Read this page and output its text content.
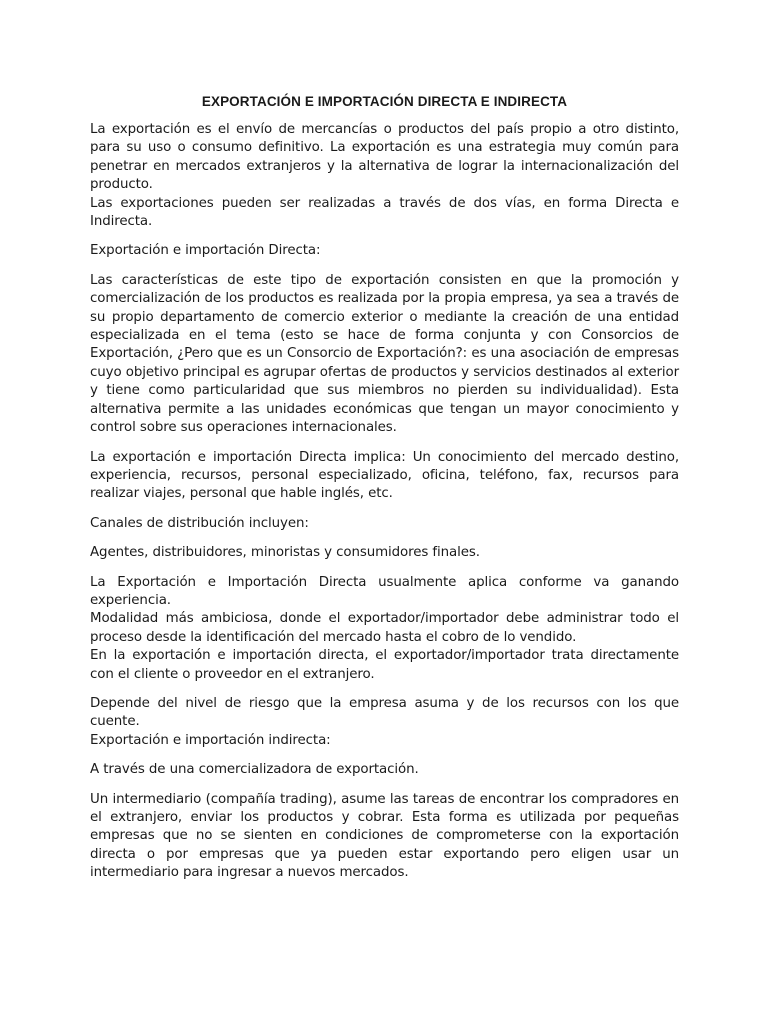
EXPORTACIÓN E IMPORTACIÓN DIRECTA E INDIRECTA

La exportación es el envío de mercancías o productos del país propio a otro distinto, para su uso o consumo definitivo. La exportación es una estrategia muy común para penetrar en mercados extranjeros y la alternativa de lograr la internacionalización del producto.
Las exportaciones pueden ser realizadas a través de dos vías, en forma Directa e Indirecta.

Exportación e importación Directa:

Las características de este tipo de exportación consisten en que la promoción y comercialización de los productos es realizada por la propia empresa, ya sea a través de su propio departamento de comercio exterior o mediante la creación de una entidad especializada en el tema (esto se hace de forma conjunta y con Consorcios de Exportación, ¿Pero que es un Consorcio de Exportación?: es una asociación de empresas cuyo objetivo principal es agrupar ofertas de productos y servicios destinados al exterior y tiene como particularidad que sus miembros no pierden su individualidad). Esta alternativa permite a las unidades económicas que tengan un mayor conocimiento y control sobre sus operaciones internacionales.

La exportación e importación Directa implica: Un conocimiento del mercado destino, experiencia, recursos, personal especializado, oficina, teléfono, fax, recursos para realizar viajes, personal que hable inglés, etc.

Canales de distribución incluyen:

Agentes, distribuidores, minoristas y consumidores finales.

La Exportación e Importación Directa usualmente aplica conforme va ganando experiencia.
Modalidad más ambiciosa, donde el exportador/importador debe administrar todo el proceso desde la identificación del mercado hasta el cobro de lo vendido.
En la exportación e importación directa, el exportador/importador trata directamente con el cliente o proveedor en el extranjero.

Depende del nivel de riesgo que la empresa asuma y de los recursos con los que cuente.
Exportación e importación indirecta:

A través de una comercializadora de exportación.

Un intermediario (compañía trading), asume las tareas de encontrar los compradores en el extranjero, enviar los productos y cobrar. Esta forma es utilizada por pequeñas empresas que no se sienten en condiciones de comprometerse con la exportación directa o por empresas que ya pueden estar exportando pero eligen usar un intermediario para ingresar a nuevos mercados.
